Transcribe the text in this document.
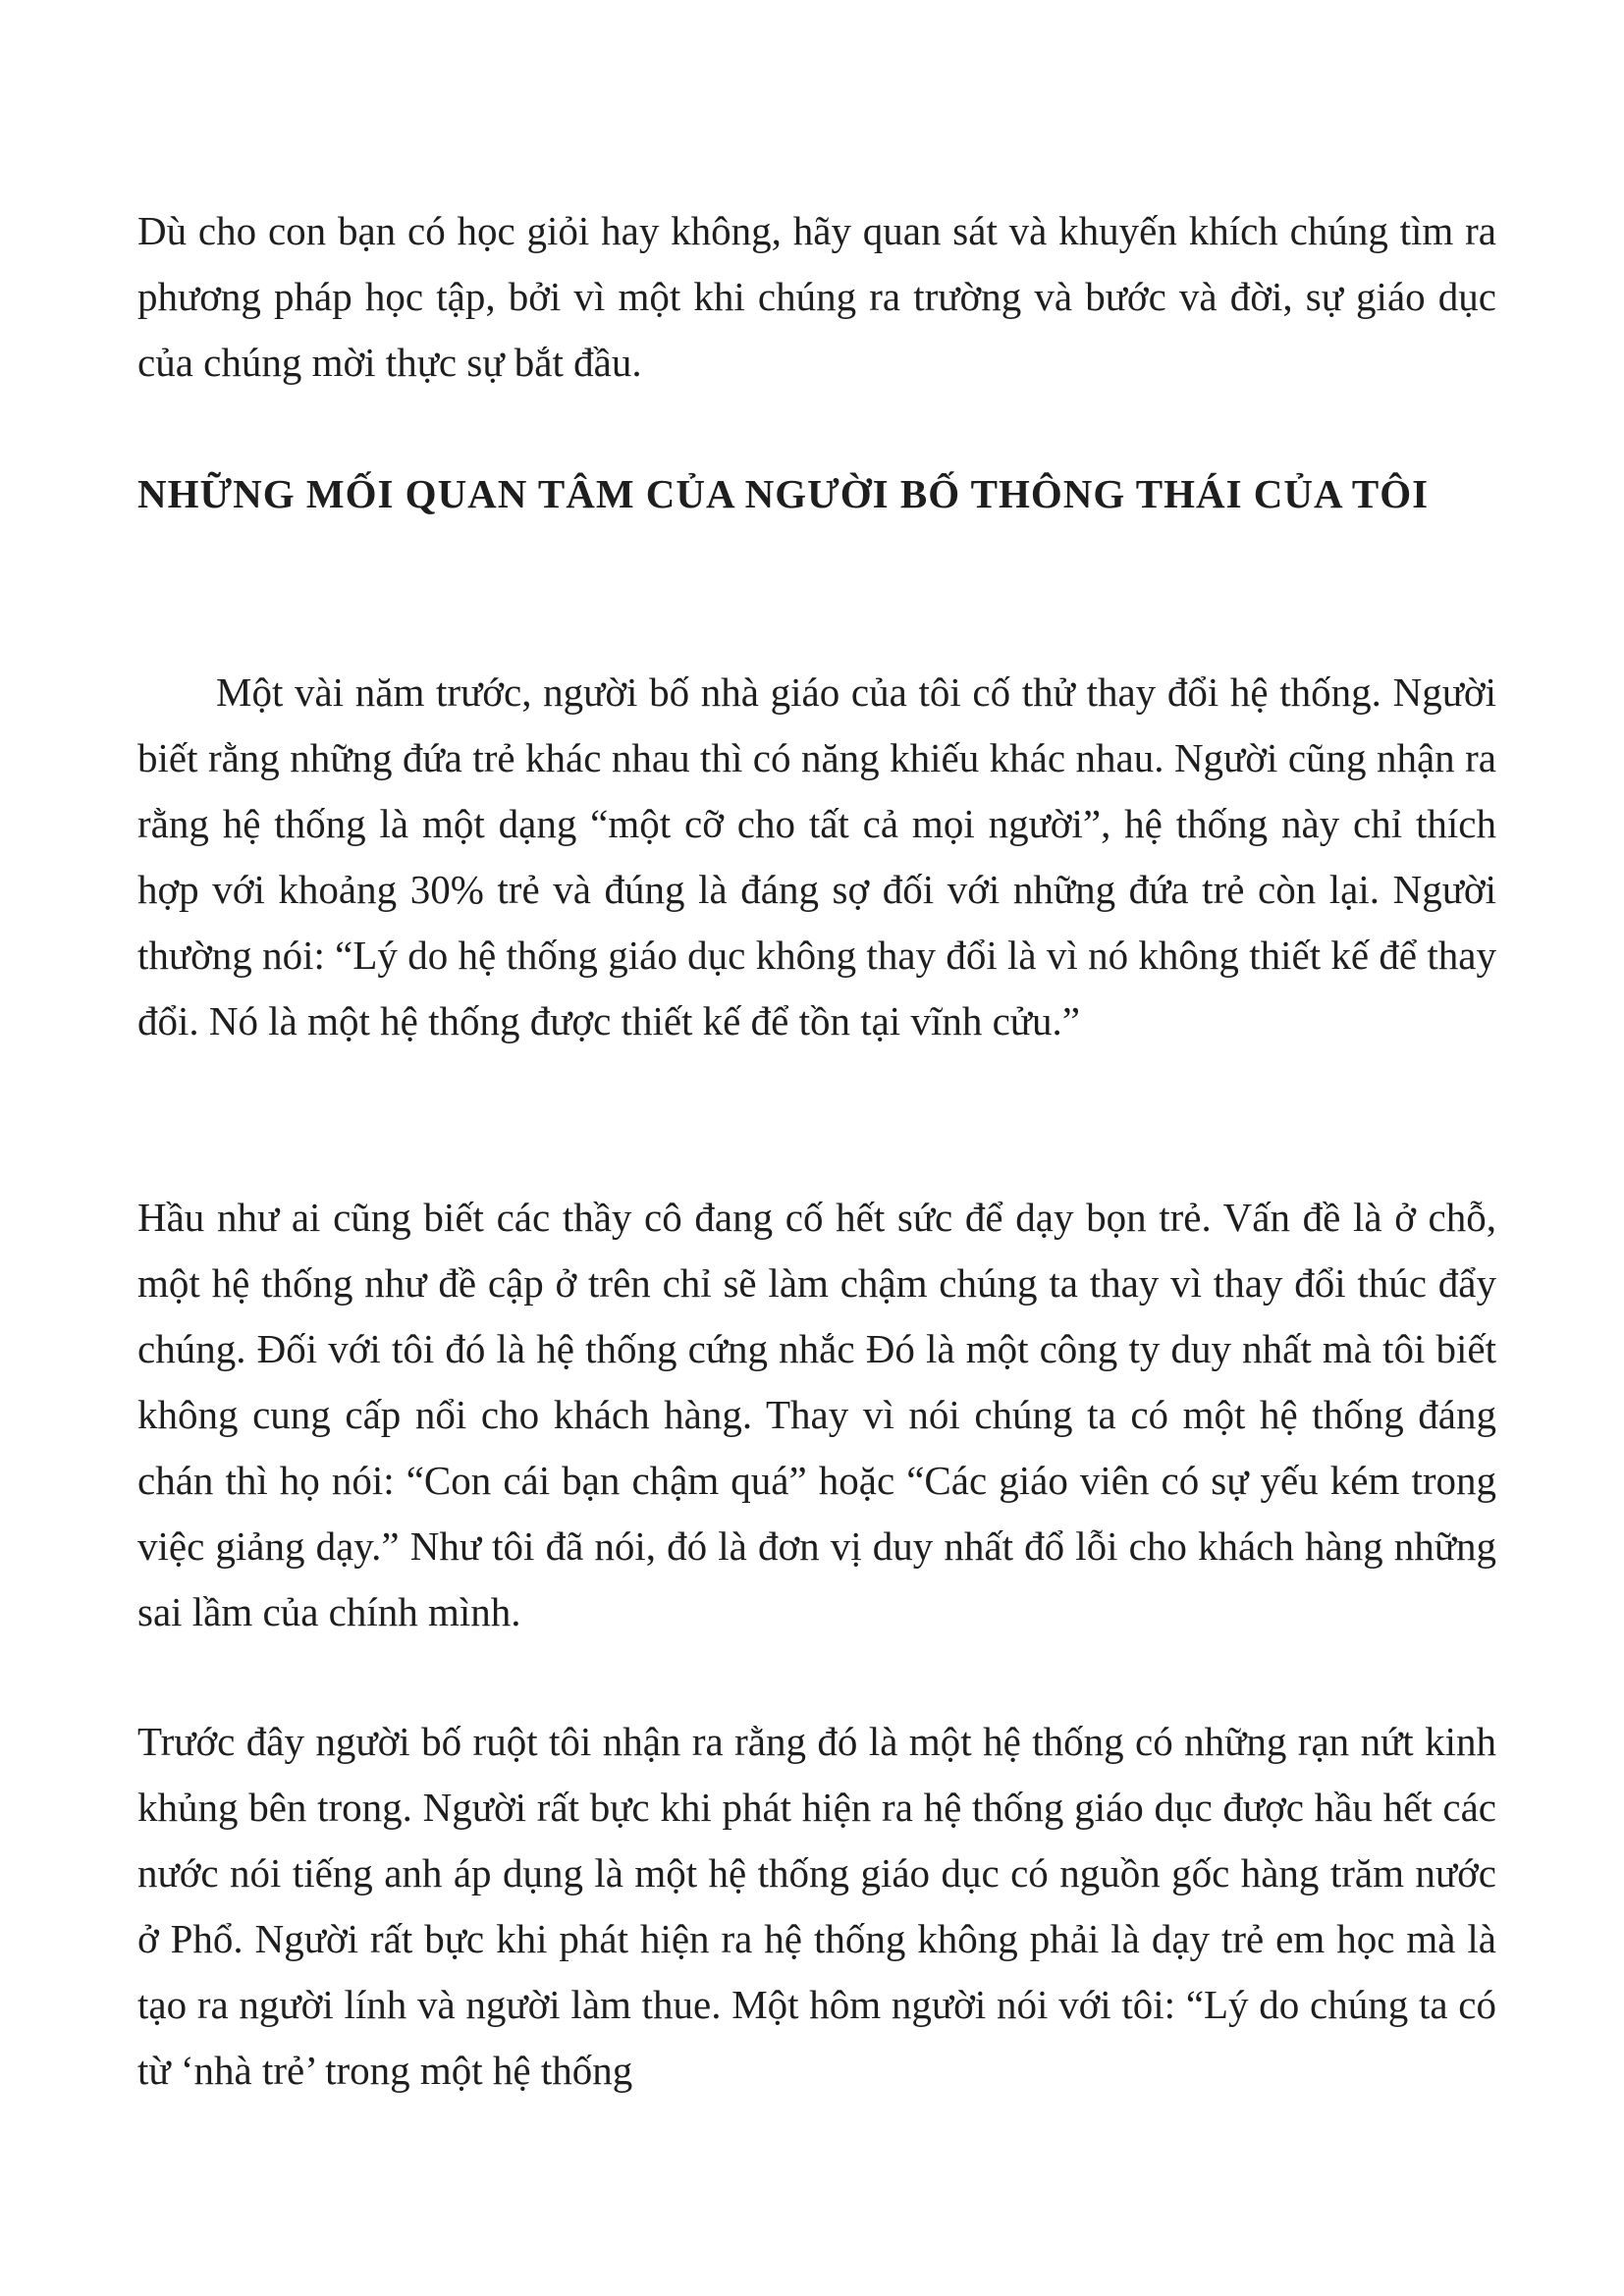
Dù cho con bạn có học giỏi hay không, hãy quan sát và khuyến khích chúng tìm ra phương pháp học tập, bởi vì một khi chúng ra trường và bước và đời, sự giáo dục của chúng mời thực sự bắt đầu.

NHỮNG MỐI QUAN TÂM CỦA NGƯỜI BỐ THÔNG THÁI CỦA TÔI

Một vài năm trước, người bố nhà giáo của tôi cố thử thay đổi hệ thống. Người biết rằng những đứa trẻ khác nhau thì có năng khiếu khác nhau. Người cũng nhận ra rằng hệ thống là một dạng “một cỡ cho tất cả mọi người”, hệ thống này chỉ thích hợp với khoảng 30% trẻ và đúng là đáng sợ đối với những đứa trẻ còn lại. Người thường nói: “Lý do hệ thống giáo dục không thay đổi là vì nó không thiết kế để thay đổi. Nó là một hệ thống được thiết kế để tồn tại vĩnh cửu.”

Hầu như ai cũng biết các thầy cô đang cố hết sức để dạy bọn trẻ. Vấn đề là ở chỗ, một hệ thống như đề cập ở trên chỉ sẽ làm chậm chúng ta thay vì thay đổi thúc đẩy chúng. Đối với tôi đó là hệ thống cứng nhắc Đó là một công ty duy nhất mà tôi biết không cung cấp nổi cho khách hàng. Thay vì nói chúng ta có một hệ thống đáng chán thì họ nói: “Con cái bạn chậm quá” hoặc “Các giáo viên có sự yếu kém trong việc giảng dạy.” Như tôi đã nói, đó là đơn vị duy nhất đổ lỗi cho khách hàng những sai lầm của chính mình.

Trước đây người bố ruột tôi nhận ra rằng đó là một hệ thống có những rạn nứt kinh khủng bên trong. Người rất bực khi phát hiện ra hệ thống giáo dục được hầu hết các nước nói tiếng anh áp dụng là một hệ thống giáo dục có nguồn gốc hàng trăm nước ở Phổ. Người rất bực khi phát hiện ra hệ thống không phải là dạy trẻ em học mà là tạo ra người lính và người làm thue. Một hôm người nói với tôi: “Lý do chúng ta có từ ‘nhà trẻ’ trong một hệ thống
